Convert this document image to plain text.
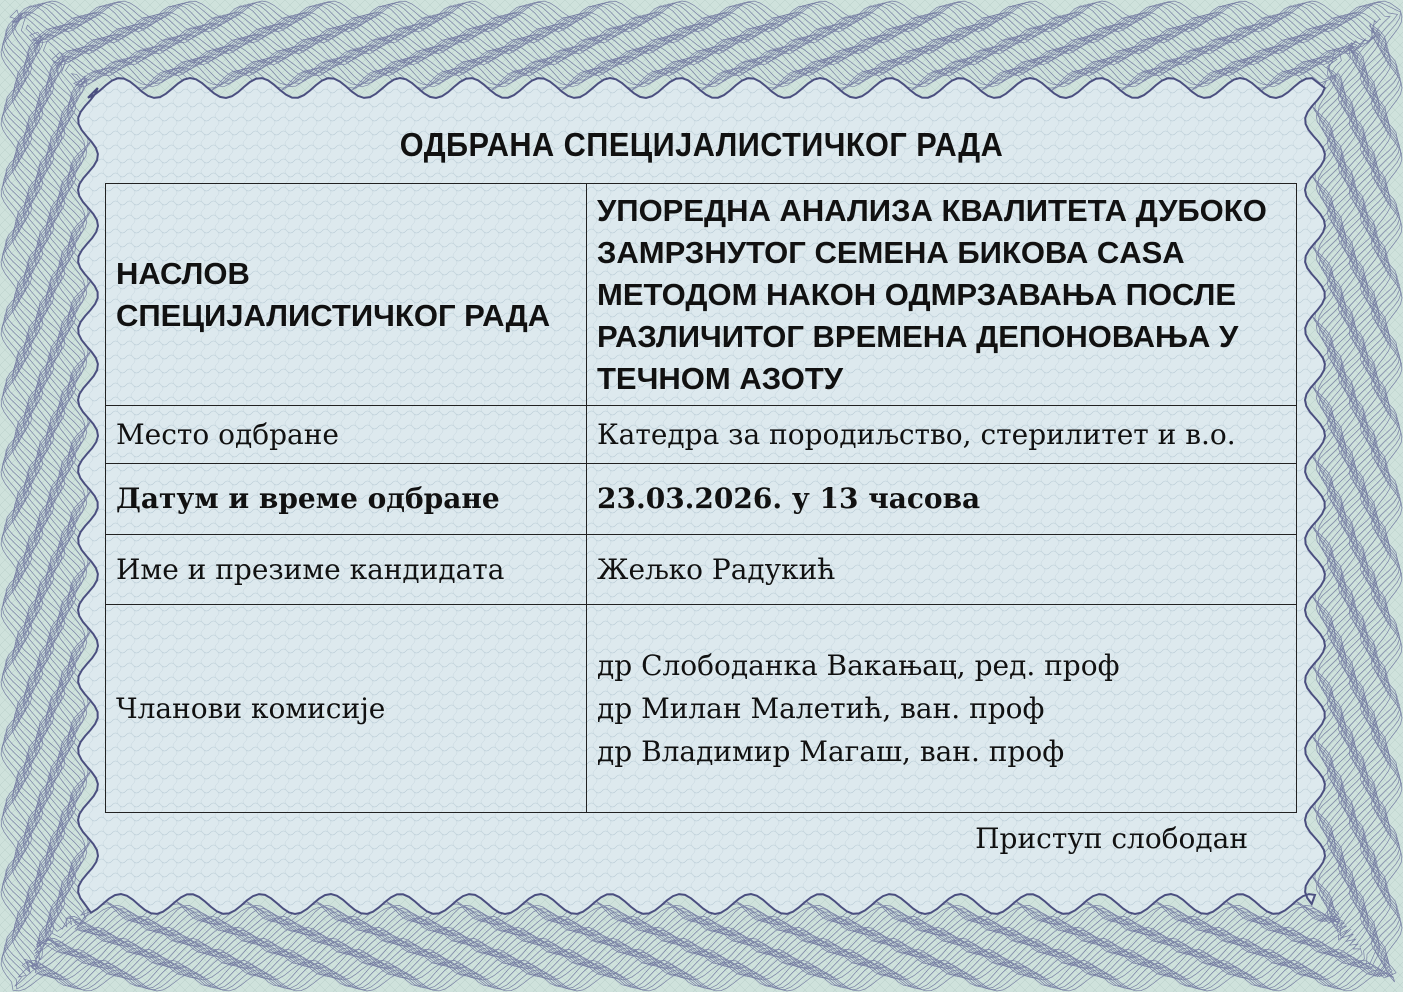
ОДБРАНА СПЕЦИЈАЛИСТИЧКОГ РАДА
НАСЛОВ СПЕЦИЈАЛИСТИЧКОГ РАДА	УПОРЕДНА АНАЛИЗА КВАЛИТЕТА ДУБОКО ЗАМРЗНУТОГ СЕМЕНА БИКОВА CASA МЕТОДОМ НАКОН ОДМРЗАВАЊА ПОСЛЕ РАЗЛИЧИТОГ ВРЕМЕНА ДЕПОНОВАЊА У ТЕЧНОМ АЗОТУ

Место одбране	Катедра за породиљство, стерилитет и в.о.
Датум и време одбране	23.03.2026. у 13 часова
Име и презиме кандидата	Жељко Радукић
Чланови комисије	др Слободанка Вакањац, ред. проф
др Милан Малетић, ван. проф
др Владимир Магаш, ван. проф
Приступ слободан
